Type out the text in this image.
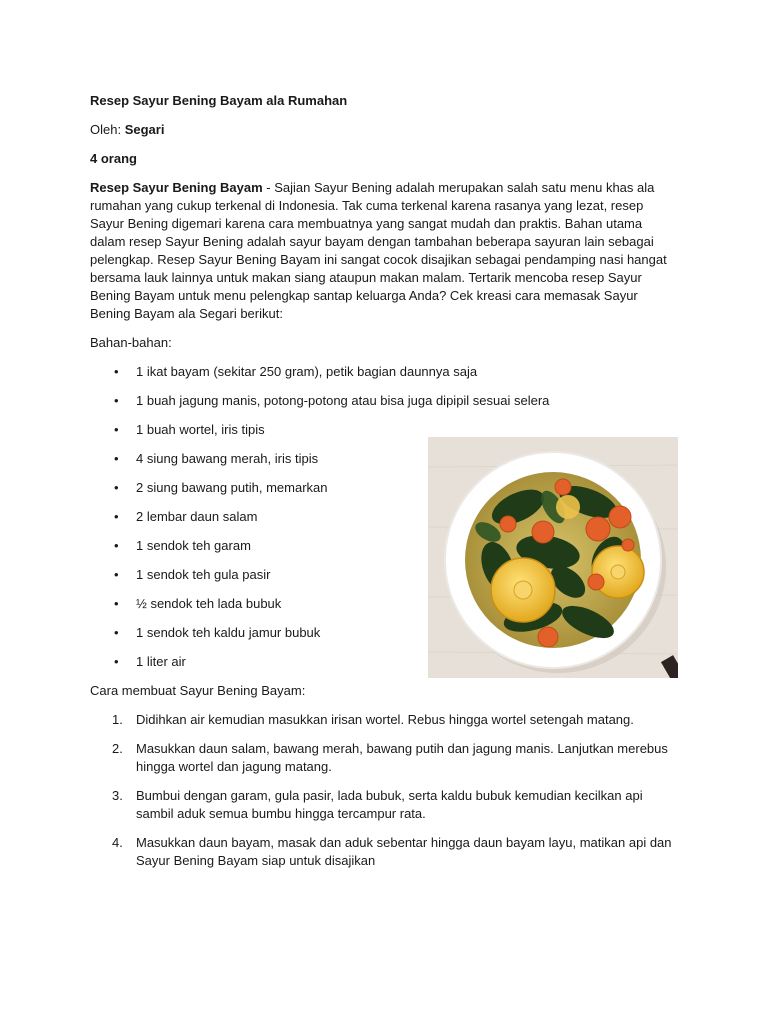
Resep Sayur Bening Bayam ala Rumahan
Oleh: Segari
4 orang

Resep Sayur Bening Bayam - Sajian Sayur Bening adalah merupakan salah satu menu khas ala rumahan yang cukup terkenal di Indonesia. Tak cuma terkenal karena rasanya yang lezat, resep Sayur Bening digemari karena cara membuatnya yang sangat mudah dan praktis. Bahan utama dalam resep Sayur Bening adalah sayur bayam dengan tambahan beberapa sayuran lain sebagai pelengkap. Resep Sayur Bening Bayam ini sangat cocok disajikan sebagai pendamping nasi hangat bersama lauk lainnya untuk makan siang ataupun makan malam. Tertarik mencoba resep Sayur Bening Bayam untuk menu pelengkap santap keluarga Anda? Cek kreasi cara memasak Sayur Bening Bayam ala Segari berikut:

Bahan-bahan:
• 1 ikat bayam (sekitar 250 gram), petik bagian daunnya saja
• 1 buah jagung manis, potong-potong atau bisa juga dipipil sesuai selera
• 1 buah wortel, iris tipis
• 4 siung bawang merah, iris tipis
• 2 siung bawang putih, memarkan
• 2 lembar daun salam
• 1 sendok teh garam
• 1 sendok teh gula pasir
• ½ sendok teh lada bubuk
• 1 sendok teh kaldu jamur bubuk
• 1 liter air
Cara membuat Sayur Bening Bayam:
1. Didihkan air kemudian masukkan irisan wortel. Rebus hingga wortel setengah matang.
2. Masukkan daun salam, bawang merah, bawang putih dan jagung manis. Lanjutkan merebus hingga wortel dan jagung matang.
3. Bumbui dengan garam, gula pasir, lada bubuk, serta kaldu bubuk kemudian kecilkan api sambil aduk semua bumbu hingga tercampur rata.
4. Masukkan daun bayam, masak dan aduk sebentar hingga daun bayam layu, matikan api dan Sayur Bening Bayam siap untuk disajikan
